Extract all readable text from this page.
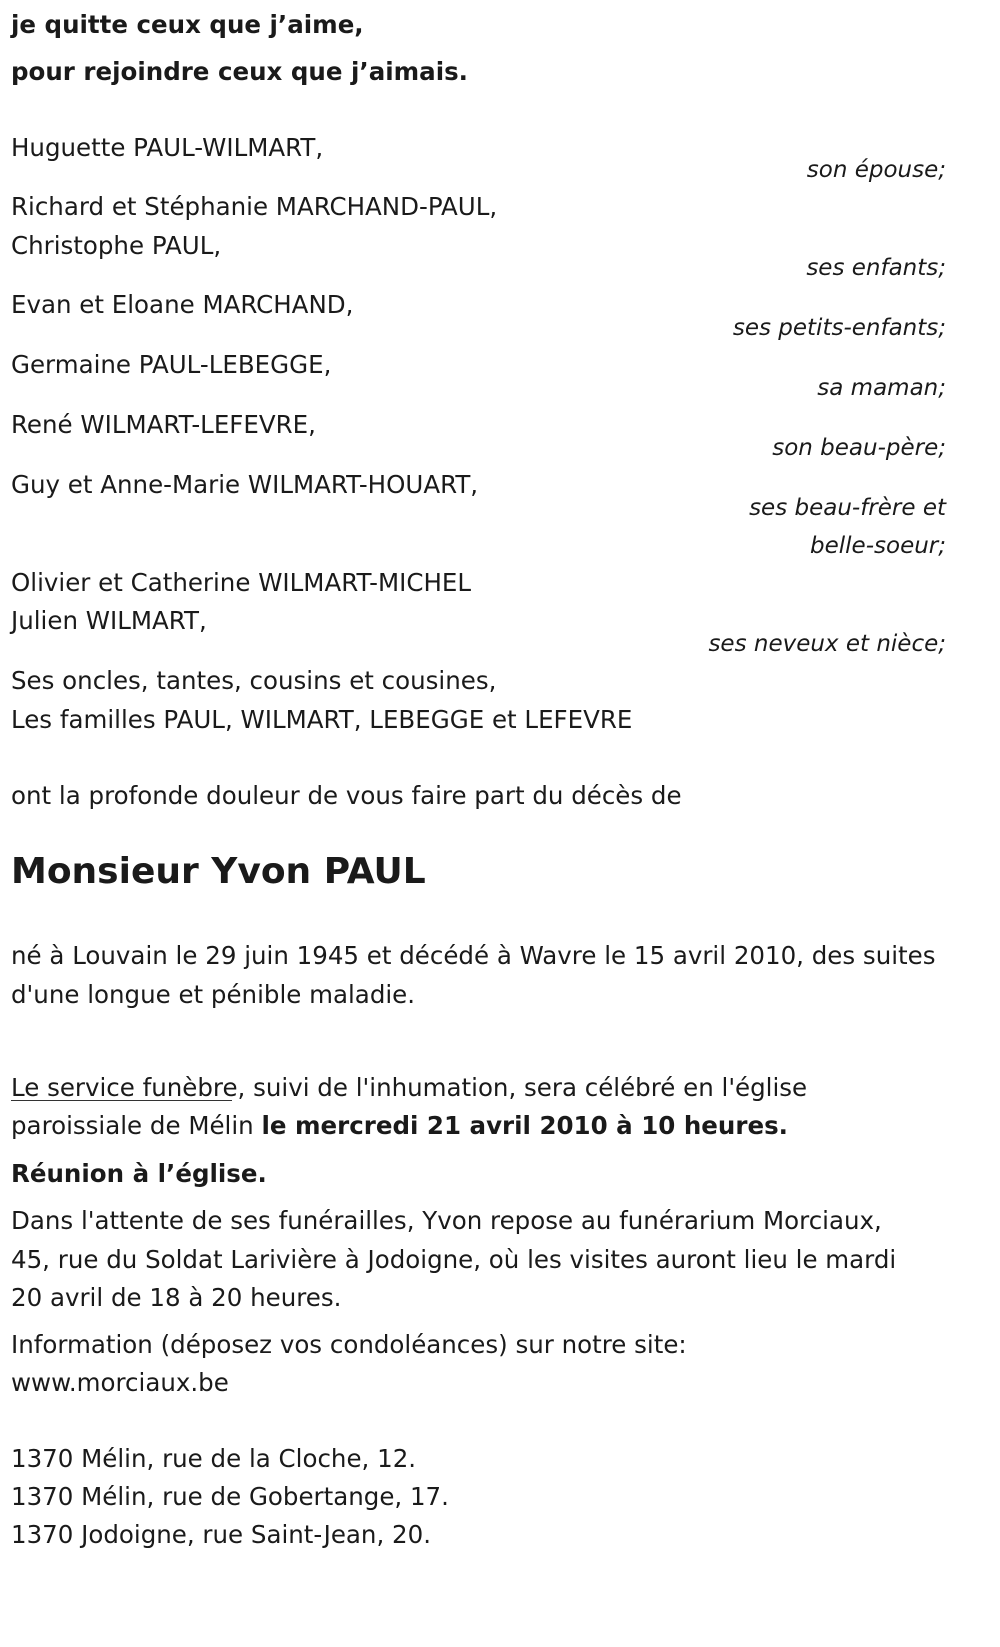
je quitte ceux que j’aime,
pour rejoindre ceux que j’aimais.
Huguette PAUL-WILMART,
son épouse;
Richard et Stéphanie MARCHAND-PAUL,
Christophe PAUL,
ses enfants;
Evan et Eloane MARCHAND,
ses petits-enfants;
Germaine PAUL-LEBEGGE,
sa maman;
René WILMART-LEFEVRE,
son beau-père;
Guy et Anne-Marie WILMART-HOUART,
ses beau-frère et
belle-soeur;
Olivier et Catherine WILMART-MICHEL
Julien WILMART,
ses neveux et nièce;
Ses oncles, tantes, cousins et cousines,
Les familles PAUL, WILMART, LEBEGGE et LEFEVRE
ont la profonde douleur de vous faire part du décès de
Monsieur Yvon PAUL
né à Louvain le 29 juin 1945 et décédé à Wavre le 15 avril 2010, des suites
d'une longue et pénible maladie.
Le service funèbre, suivi de l'inhumation, sera célébré en l'église
paroissiale de Mélin le mercredi 21 avril 2010 à 10 heures.
Réunion à l’église.
Dans l'attente de ses funérailles, Yvon repose au funérarium Morciaux,
45, rue du Soldat Larivière à Jodoigne, où les visites auront lieu le mardi
20 avril de 18 à 20 heures.
Information (déposez vos condoléances) sur notre site:
www.morciaux.be
1370 Mélin, rue de la Cloche, 12.
1370 Mélin, rue de Gobertange, 17.
1370 Jodoigne, rue Saint-Jean, 20.
